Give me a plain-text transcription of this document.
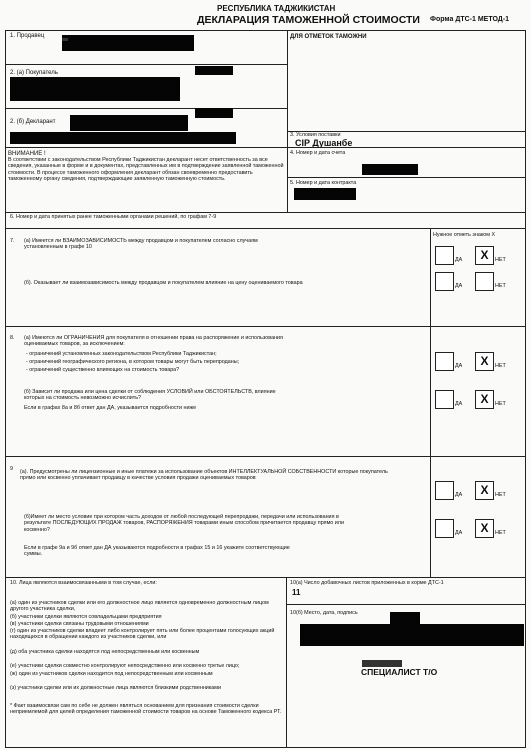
РЕСПУБЛИКА ТАДЖИКИСТАН
ДЕКЛАРАЦИЯ ТАМОЖЕННОЙ СТОИМОСТИ Форма ДТС-1 МЕТОД-1
1. Продавец
2. (а) Покупатель
2. (б) Декларант
ДЛЯ ОТМЕТОК ТАМОЖНИ
3. Условия поставки
CIP Душанбе
4. Номер и дата счета
5. Номер и дата контракта
ВНИМАНИЕ !
В соответствии с законодательством Республики Таджикистан декларант несет ответственность за все сведения, указанные в форме и в документах, представленных им в подтверждение заявленной таможенной стоимости. В процессе таможенного оформления декларант обязан своевременно предоставить таможенному органу сведения, подтверждающие заявленную таможенную стоимость.
6. Номер и дата принятых ранее таможенными органами решений, по графам 7-9
7. (а) Имеется ли ВЗАИМОЗАВИСИМОСТЬ между продавцом и покупателем согласно случаям установленным в графе 10
Нужное отметь знаком X
ДА	X	НЕТ
(б). Оказывает ли взаимозависимость между продавцом и покупателем влияние на цену оцениваемого товара	ДА	НЕТ
8. (а) Имеются ли ОГРАНИЧЕНИЯ для покупателя в отношении права на распоряжение и использования оцениваемых товаров, за исключением:
- ограничений установленных законодательством Республики Таджикистан;
- ограничений географического региона, в котором товары могут быть перепроданы;
- ограничений существенно влияющих на стоимость товара?
ДА	X	НЕТ
(б) Зависит ли продажа или цена сделки от соблюдения УСЛОВИЙ или ОБСТОЯТЕЛЬСТВ, влияние которых на стоимость невозможно исчислить?
Если в графах 8а и 8б ответ дан ДА, указывается подробности ниже
ДА	X	НЕТ
9 (а). Предусмотрены ли лицензионные и иные платежи за использование объектов ИНТЕЛЛЕКТУАЛЬНОЙ СОБСТВЕННОСТИ которые покупатель прямо или косвенно уплачивает продавцу в качестве условия продажи оцениваемых товаров
ДА	X	НЕТ
(б)Имеет ли место условие при котором часть доходов от любой последующей перепродажи, передачи или использования в результате ПОСЛЕДУЮЩИХ ПРОДАЖ товаров, РАСПОРЯЖЕНИЯ товарами иным способом причитается продавцу прямо или косвенно?
Если в графе 9а и 9б ответ дан ДА указываются подробности в графах 15 и 16 укажите соответствующие суммы.
ДА	X	НЕТ
10. Лица являются взаимосвязанными в том случае, если:
(а) один из участников сделки или его должностное лицо является одновременно должностным лицом другого участника сделки,
(б) участники сделки являются совладельцами предприятия
(в) участники сделки связаны трудовыми отношениями
(г) один из участников сделки владеет либо контролирует пять или более процентами голосующих акций находящихся в обращении каждого из участников сделки, или
(д) оба участника сделки находятся под непосредственным или косвенным
(е) участники сделки совместно контролируют непосредственно или косвенно третье лицо;
(ж) один из участников сделки находится под непосредственным или косвенным
(з) участники сделки или их должностные лица являются близкими родственниками
* Факт взаимосвязи сам по себе не должен являться основанием для признания стоимости сделки неприемлемой для целей определения таможенной стоимости товаров на основе Таможенного кодекса РТ.
10(а) Число добавочных листов приложенных в корме ДТС-1
11
10(б) Место, дата, подпись
СПЕЦИАЛИСТ Т/О
